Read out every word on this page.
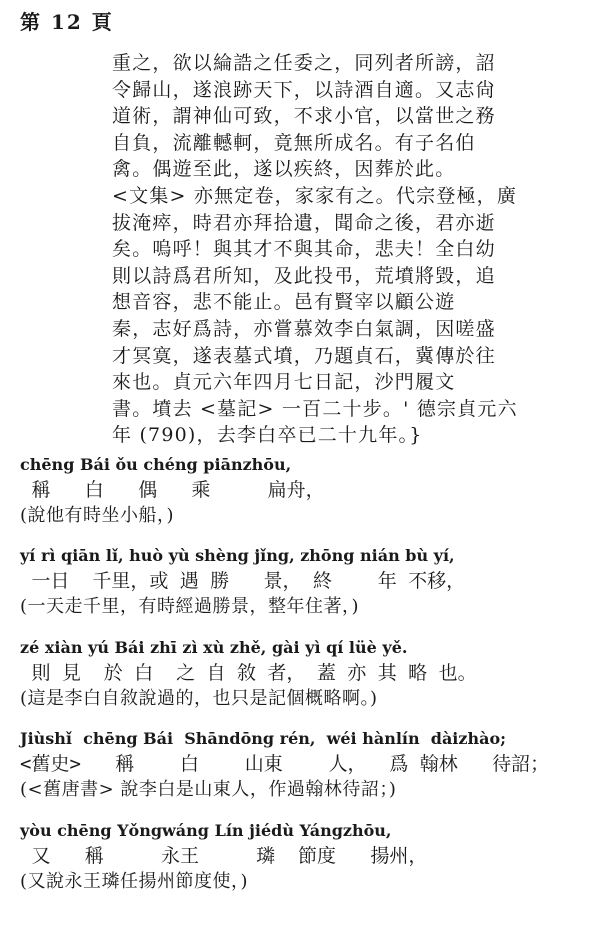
第 12 頁
重之，欲以綸誥之任委之，同列者所謗，詔
令歸山，遂浪跡天下，以詩酒自適。又志尙
道術，謂神仙可致，不求小官，以當世之務
自負，流離轗軻，竟無所成名。有子名伯
禽。偶遊至此，遂以疾終，因葬於此。
<文集> 亦無定卷，家家有之。代宗登極，廣
拔淹瘁，時君亦拜拾遺，聞命之後，君亦逝
矣。嗚呼！與其才不與其命，悲夫！全白幼
則以詩爲君所知，及此投弔，荒墳將毀，追
想音容，悲不能止。邑有賢宰以顧公遊
秦，志好爲詩，亦嘗慕效李白氣調，因嗟盛
才冥寞，遂表墓式墳，乃題貞石，冀傳於往
來也。貞元六年四月七日記，沙門履文
書。墳去 <墓記> 一百二十步。' 德宗貞元六
年 (790)，去李白卒已二十九年。}
chēng Bái ǒu chéng piānzhōu,
稱   白   偶   乘     扁舟，
(說他有時坐小船，)
yí rì qiān lǐ, huò yù shèng jǐng, zhōng nián bù yí,
一日  千里，或 遇 勝   景， 終    年 不移，
(一天走千里，有時經過勝景，整年住著，)
zé xiàn yú Bái zhī zì xù zhě, gài yì qí lüè yě.
則 見  於 白  之 自 敘 者， 蓋 亦 其 略 也。
(這是李白自敘說過的，也只是記個概略啊。)
Jiùshǐ  chēng Bái  Shāndōng rén,  wéi hànlín  dàizhào;
<舊史>   稱    白    山東    人，  爲 翰林   待詔；
(<舊唐書> 說李白是山東人，作過翰林待詔；)
yòu chēng Yǒngwáng Lín jiédù Yángzhōu,
又   稱     永王     璘  節度   揚州，
(又說永王璘任揚州節度使，)
